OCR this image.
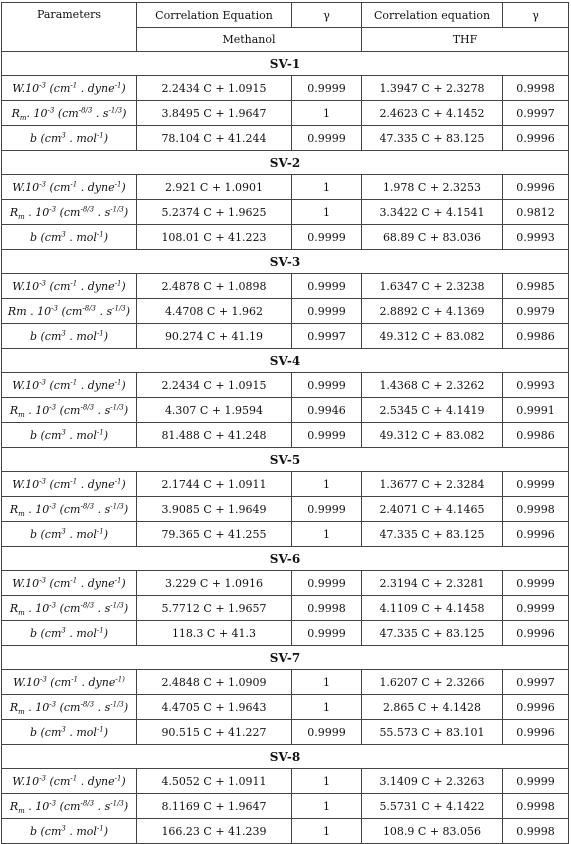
Parameters	Correlation Equation	γ	Correlation equation	γ
	Methanol		THF	
SV-1				
$W.10^{-3}$ ($cm^{-1}$ . dyne$^{-1}$)	2.2434 C + 1.0915	0.9999	1.3947 C + 2.3278	0.9998
$R_m$. $10^{-3}$ ($cm^{-8/3}$ . $s^{-1/3}$)	3.8495 C + 1.9647	1	2.4623 C + 4.1452	0.9997
b ($cm^3$ . mol$^{-1}$)	78.104 C + 41.244	0.9999	47.335 C + 83.125	0.9996
SV-2				
$W.10^{-3}$ ($cm^{-1}$ . dyne$^{-1}$)	2.921 C + 1.0901	1	1.978 C + 2.3253	0.9996
$R_m$ . $10^{-3}$ ($cm^{-8/3}$ . $s^{-1/3}$)	5.2374 C + 1.9625	1	3.3422 C + 4.1541	0.9812
b ($cm^3$ . mol$^{-1}$)	108.01 C + 41.223	0.9999	68.89 C + 83.036	0.9993
SV-3				
$W.10^{-3}$ ($cm^{-1}$ . dyne$^{-1}$)	2.4878 C + 1.0898	0.9999	1.6347 C + 2.3238	0.9985
Rm . $10^{-3}$ ($cm^{-8/3}$ . $s^{-1/3}$)	4.4708 C + 1.962	0.9999	2.8892 C + 4.1369	0.9979
b ($cm^3$ . mol$^{-1}$)	90.274 C + 41.19	0.9997	49.312 C + 83.082	0.9986
SV-4				
$W.10^{-3}$ ($cm^{-1}$ . dyne$^{-1}$)	2.2434 C + 1.0915	0.9999	1.4368 C + 2.3262	0.9993
$R_m$ . $10^{-3}$ ($cm^{-8/3}$ . $s^{-1/3}$)	4.307 C + 1.9594	0.9946	2.5345 C + 4.1419	0.9991
b ($cm^3$ . mol$^{-1}$)	81.488 C + 41.248	0.9999	49.312 C + 83.082	0.9986
SV-5				
$W.10^{-3}$ ($cm^{-1}$ . dyne$^{-1}$)	2.1744 C + 1.0911	1	1.3677 C + 2.3284	0.9999
$R_m$ . $10^{-3}$ ($cm^{-8/3}$ . $s^{-1/3}$)	3.9085 C + 1.9649	0.9999	2.4071 C + 4.1465	0.9998
b ($cm^3$ . mol$^{-1}$)	79.365 C + 41.255	1	47.335 C + 83.125	0.9996
SV-6				
$W.10^{-3}$ ($cm^{-1}$ . dyne$^{-1}$)	3.229 C + 1.0916	0.9999	2.3194 C + 2.3281	0.9999
$R_m$ . $10^{-3}$ ($cm^{-8/3}$ . $s^{-1/3}$)	5.7712 C + 1.9657	0.9998	4.1109 C + 4.1458	0.9999
b ($cm^3$ . mol$^{-1}$)	118.3 C + 41.3	0.9999	47.335 C + 83.125	0.9996
SV-7				
$W.10^{-3}$ ($cm^{-1}$ . dyne$^{-1)}$	2.4848 C + 1.0909	1	1.6207 C + 2.3266	0.9997
$R_m$ . $10^{-3}$ ($cm^{-8/3}$ . $s^{-1/3}$)	4.4705 C + 1.9643	1	2.865 C + 4.1428	0.9996
b ($cm^3$ . mol$^{-1}$)	90.515 C + 41.227	0.9999	55.573 C + 83.101	0.9996
SV-8				
$W.10^{-3}$ ($cm^{-1}$ . dyne$^{-1}$)	4.5052 C + 1.0911	1	3.1409 C + 2.3263	0.9999
$R_m$ . $10^{-3}$ ($cm^{-8/3}$ . $s^{-1/3}$)	8.1169 C + 1.9647	1	5.5731 C + 4.1422	0.9998
b ($cm^3$ . mol$^{-1}$)	166.23 C + 41.239	1	108.9 C + 83.056	0.9998
